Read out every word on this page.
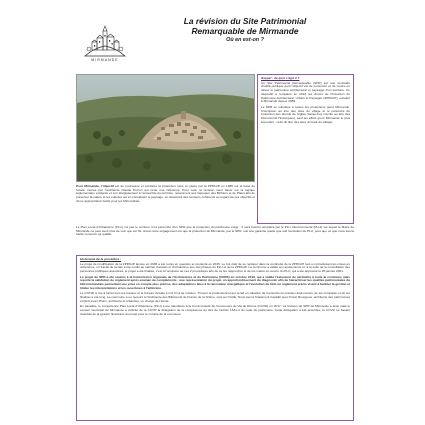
MIRMANDE
La révision du Site Patrimonial
Remarquable de Mirmande
Où en est-on ?
Rappel : de quoi s'agit-il ?

Un Site Patrimonial Remarquable (SPR) est une servitude d'utilité publique dont l'objectif est de conserver et de mettre en valeur le patrimoine architectural et paysager d'un territoire. Ce dispositif a remplacé en 2016 les Zones de Protection du Patrimoine Architectural, Urbain et Paysager (ZPPAUP), existant à Mirmande depuis 1989.

Le SPR se substitue à toutes les protections (pour Mirmande, l'inscription au titre des sites du village et le périmètre de protection des abords de l'église Sainte-Foy inscrite au titre des Monuments Historiques), sauf les effets (pour Mirmande le plus important : celui du titre des sites du haut du village).

Pour Mirmande, l'objectif est de poursuivre et conforter la protection mise en place par la ZPPAUP en 1989 sur la base de l'étude menée par l'architecte Claude Perron qui reste une référence. Pour cela, la révision vient baser sur la logique réglementaire existante et son élargissement à l'ensemble du territoire, notamment aux hameaux des Bichiers et de Platet afin de préserver la nature et les cultures qui en constituent le paysage, en dessinant des secteurs cohérents au regard de ces objectifs et d'une appropriation facile pour les Mirmandais.
Le Plan Local d'Urbanisme (PLU) n'a pas le contenu ni la pérennité d'un SPR que la protection du patrimoine exige : il sera bientôt remplacé par le PLU Intercommunal (PLUi) sur lequel le Maire de Mirmande ne peut avoir plus de voix que sur 61. Aussi notre engagement est que la protection de Mirmande, par le SPR, soit une garantie quelle que soit l'évolution du PLU, pour que ce que nous avons hérité conserve sa qualité.
Historique de la procédure :

Le projet de modification de la ZPPAUP lancée en 2008 a été remis en question et réorienté en 2015. Le but était de se replacer dans la continuité de la ZPPAUP tout en introduisant les mises en cohérence, un travail de terrain a été confié au cabinet d'études et d'urbanisme lors des phases du PLU et de la ZPPAUP. La commune a validé ces ajustements et, à la suite de la consultation des personnes publiques associées, le projet a été finalisé, c'est à l'occasion de ces 2 procédures afin de se les rapprocher et de les mettre en œuvre du PLU, qui a été approuvé le 26 janvier 2021.

Le projet de SPR a été soumis à la Commission régionale de l'Architecture et du Patrimoine (CRPA) en octobre 2019, qui a validé l'extension de périmètre à toute la commune mais reporté la validation du règlement après examen de compléments : une représentation du projet, un approfondissement du diagnostic afin de hiérarchiser les qualités patrimoniales du bâti mirmandais permettant une prise en compte plus précise, des adaptations liées à la rénovation énergétique et l'évolution du bâti, un règlement précis visant à faciliter la gestion et limiter les interprétations et les ouvertures à l'arbitraire.

Le COVID a mis à l'arrêt tous les travaux et le bureau d'étude a mis fin à sa mission. Trouver le professionnel qui serait en situation de reprendre les travaux déjà menés, de les compléter et de les finaliser a été long. La commune a eu recours à l'Architecte des Bâtiments de France de la Drôme, puis au CAUE. Nous avons finalement travaillé avec Franc Bourgeois, architecte des patrimoines et Dinh-Luan Pham, architecte et urbaniste, en charge de l'étude.

En parallèle, le compétence Plan Local d'Urbanisme (PLU) a été transférée à la Communauté de Communes du Val de Drôme (CCVD) en 2017. La révision du SPR de Mirmande a ainsi mais le conseil municipal de Mirmande a sollicité de la CCVD la délégation de la compétence au titre de l'article L631-4 du code du patrimoine. Cette délégation a été accordée, la CCVD se basant toutefois de la gestion financière du projet pour le compte de la commune.
